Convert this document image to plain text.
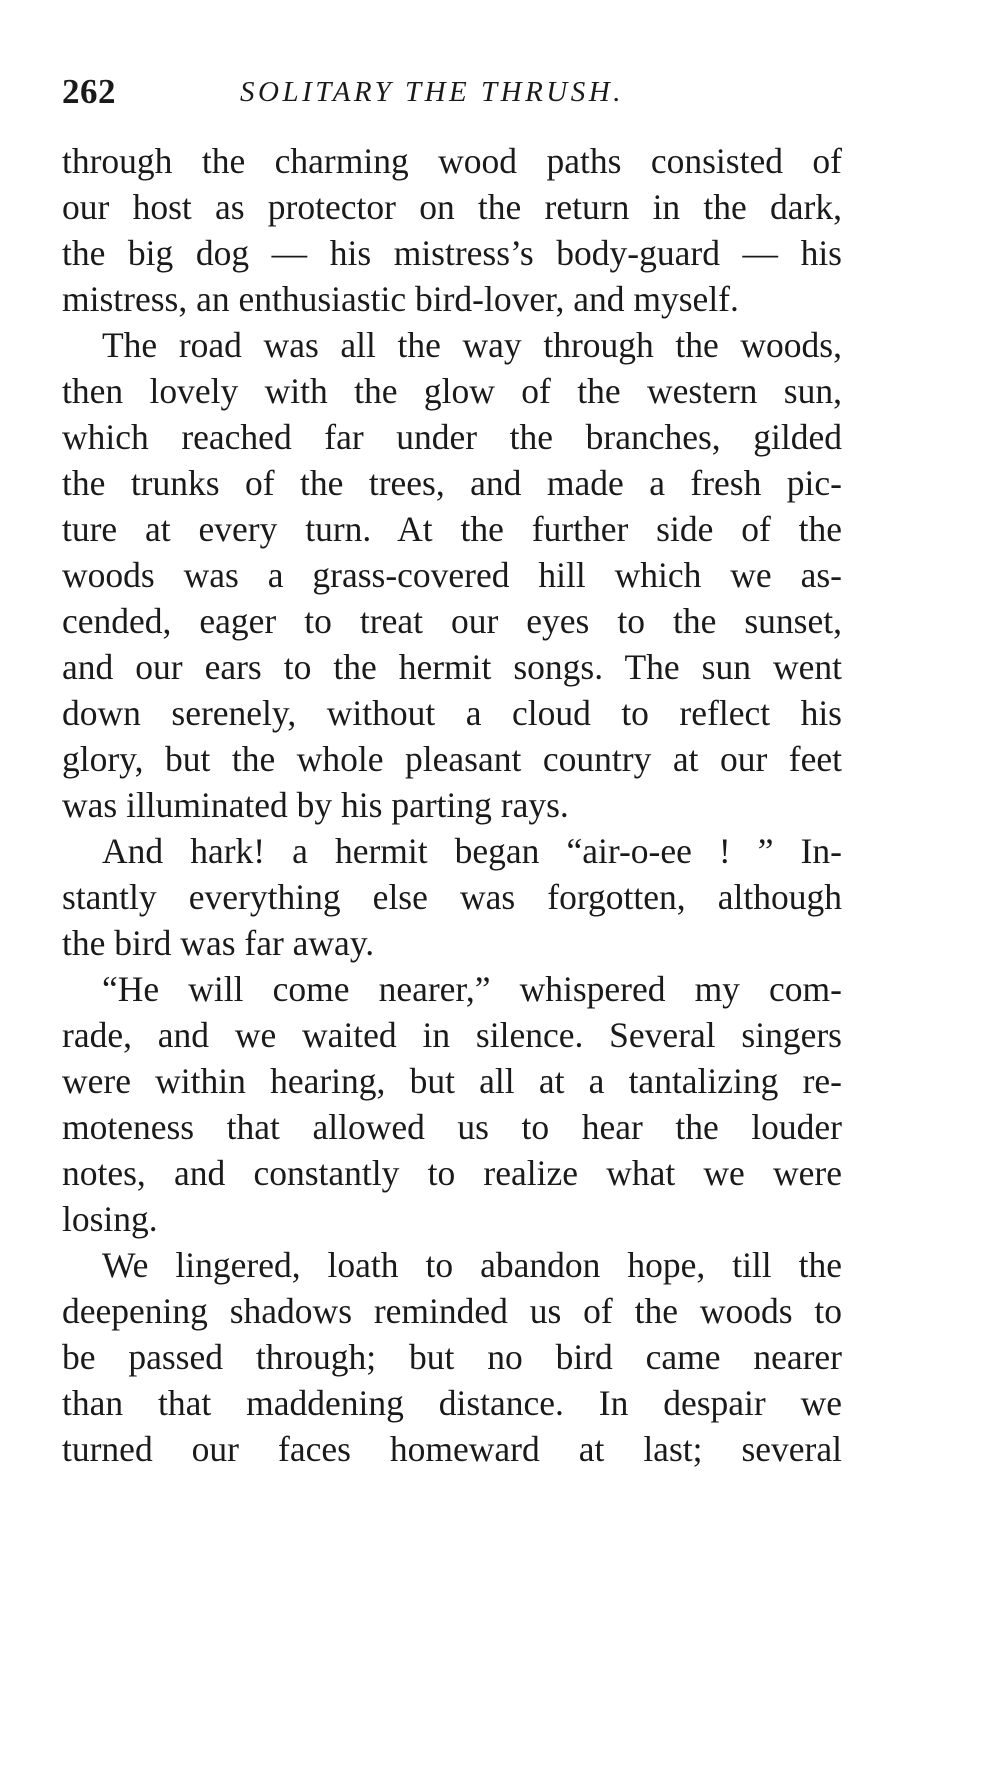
262	SOLITARY THE THRUSH.
through the charming wood paths consisted of
our host as protector on the return in the dark,
the big dog — his mistress’s body-guard — his
mistress, an enthusiastic bird-lover, and myself.
The road was all the way through the woods,
then lovely with the glow of the western sun,
which reached far under the branches, gilded
the trunks of the trees, and made a fresh pic-
ture at every turn. At the further side of the
woods was a grass-covered hill which we as-
cended, eager to treat our eyes to the sunset,
and our ears to the hermit songs. The sun went
down serenely, without a cloud to reflect his
glory, but the whole pleasant country at our feet
was illuminated by his parting rays.
And hark! a hermit began “air-o-ee ! ” In-
stantly everything else was forgotten, although
the bird was far away.
“He will come nearer,” whispered my com-
rade, and we waited in silence. Several singers
were within hearing, but all at a tantalizing re-
moteness that allowed us to hear the louder
notes, and constantly to realize what we were
losing.
We lingered, loath to abandon hope, till the
deepening shadows reminded us of the woods to
be passed through; but no bird came nearer
than that maddening distance. In despair we
turned our faces homeward at last; several
